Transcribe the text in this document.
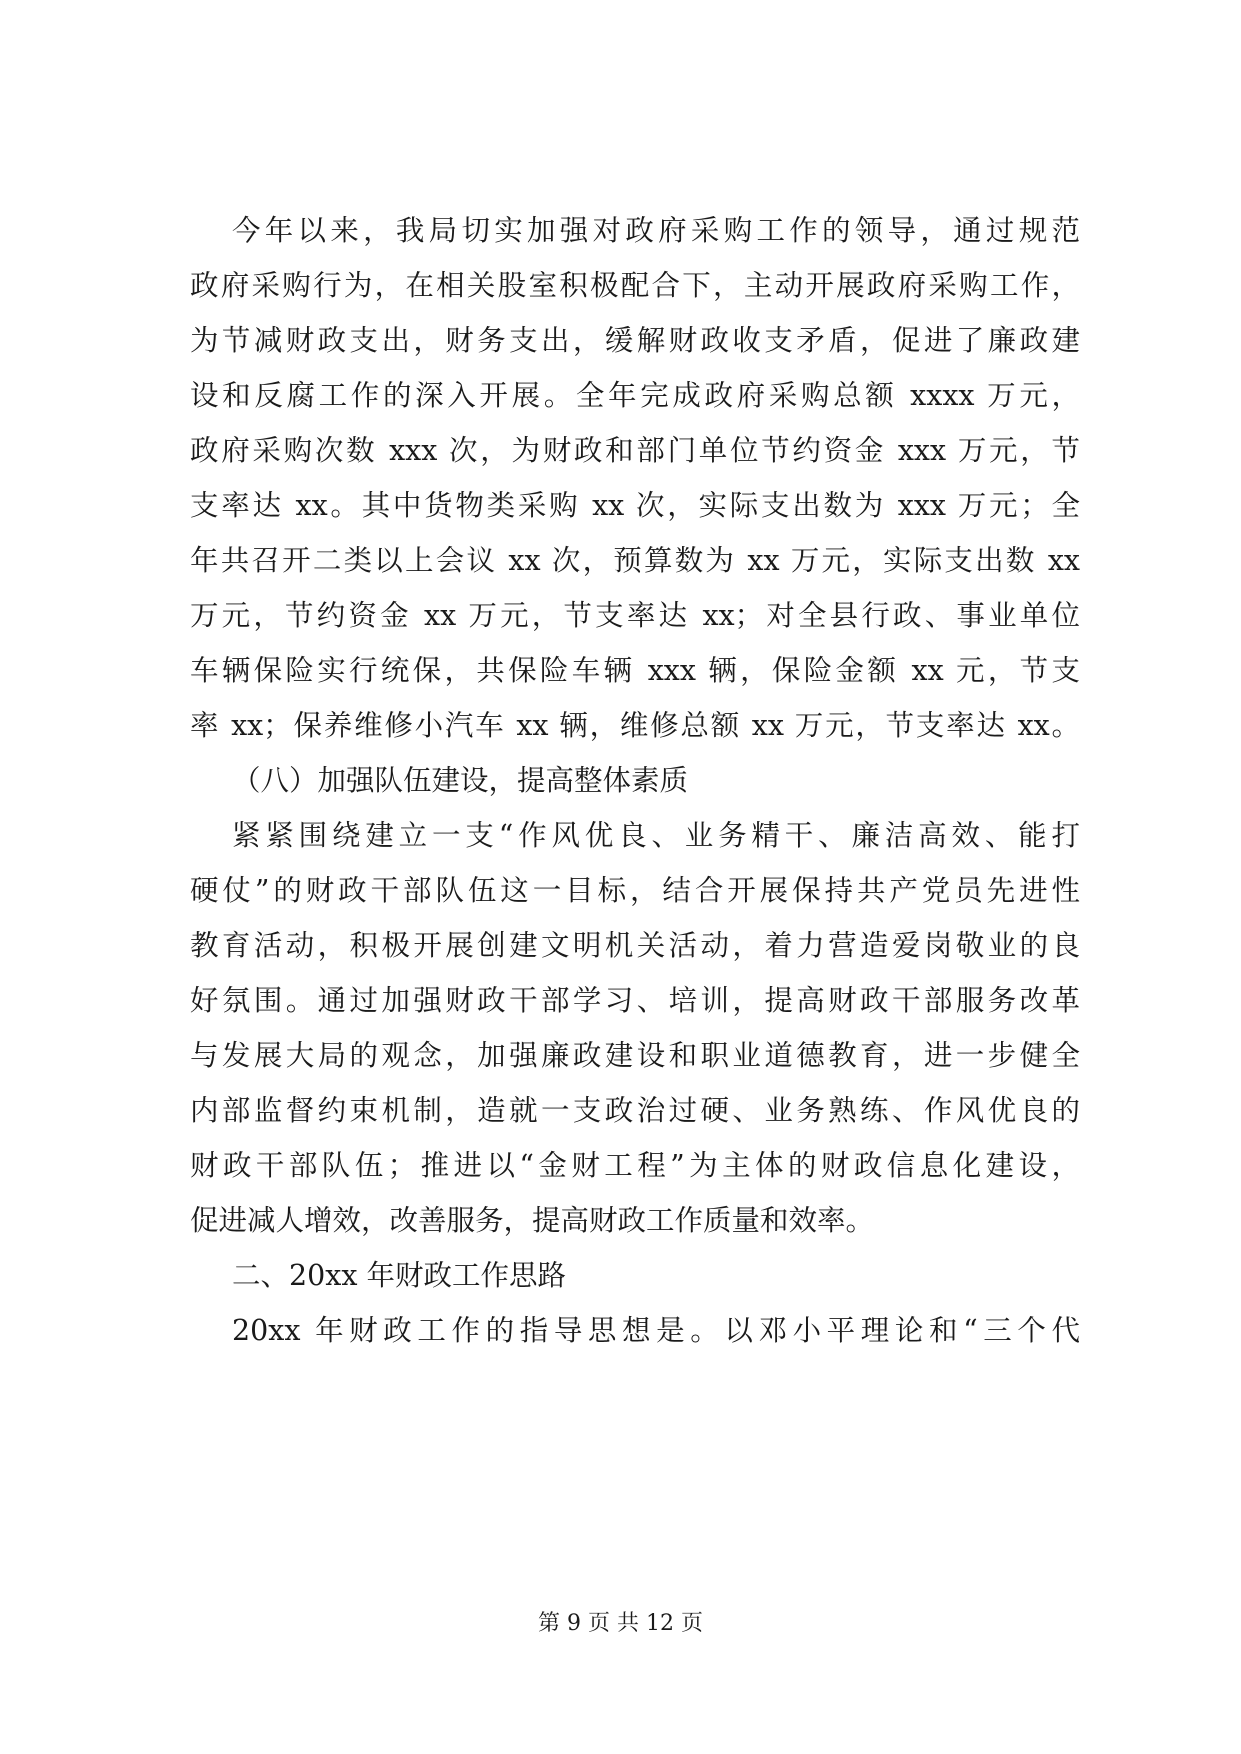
今年以来，我局切实加强对政府采购工作的领导，通过规范
政府采购行为，在相关股室积极配合下，主动开展政府采购工作，
为节减财政支出，财务支出，缓解财政收支矛盾，促进了廉政建
设和反腐工作的深入开展。全年完成政府采购总额 xxxx 万元，
政府采购次数 xxx 次，为财政和部门单位节约资金 xxx 万元，节
支率达 xx。其中货物类采购 xx 次，实际支出数为 xxx 万元；全
年共召开二类以上会议 xx 次，预算数为 xx 万元，实际支出数 xx
万元，节约资金 xx 万元，节支率达 xx；对全县行政、事业单位
车辆保险实行统保，共保险车辆 xxx 辆，保险金额 xx 元，节支
率 xx；保养维修小汽车 xx 辆，维修总额 xx 万元，节支率达 xx。
（八）加强队伍建设，提高整体素质
紧紧围绕建立一支“作风优良、业务精干、廉洁高效、能打
硬仗”的财政干部队伍这一目标，结合开展保持共产党员先进性
教育活动，积极开展创建文明机关活动，着力营造爱岗敬业的良
好氛围。通过加强财政干部学习、培训，提高财政干部服务改革
与发展大局的观念，加强廉政建设和职业道德教育，进一步健全
内部监督约束机制，造就一支政治过硬、业务熟练、作风优良的
财政干部队伍；推进以“金财工程”为主体的财政信息化建设，
促进减人增效，改善服务，提高财政工作质量和效率。
二、20xx 年财政工作思路
20xx 年财政工作的指导思想是。以邓小平理论和“三个代
第 9 页 共 12 页
